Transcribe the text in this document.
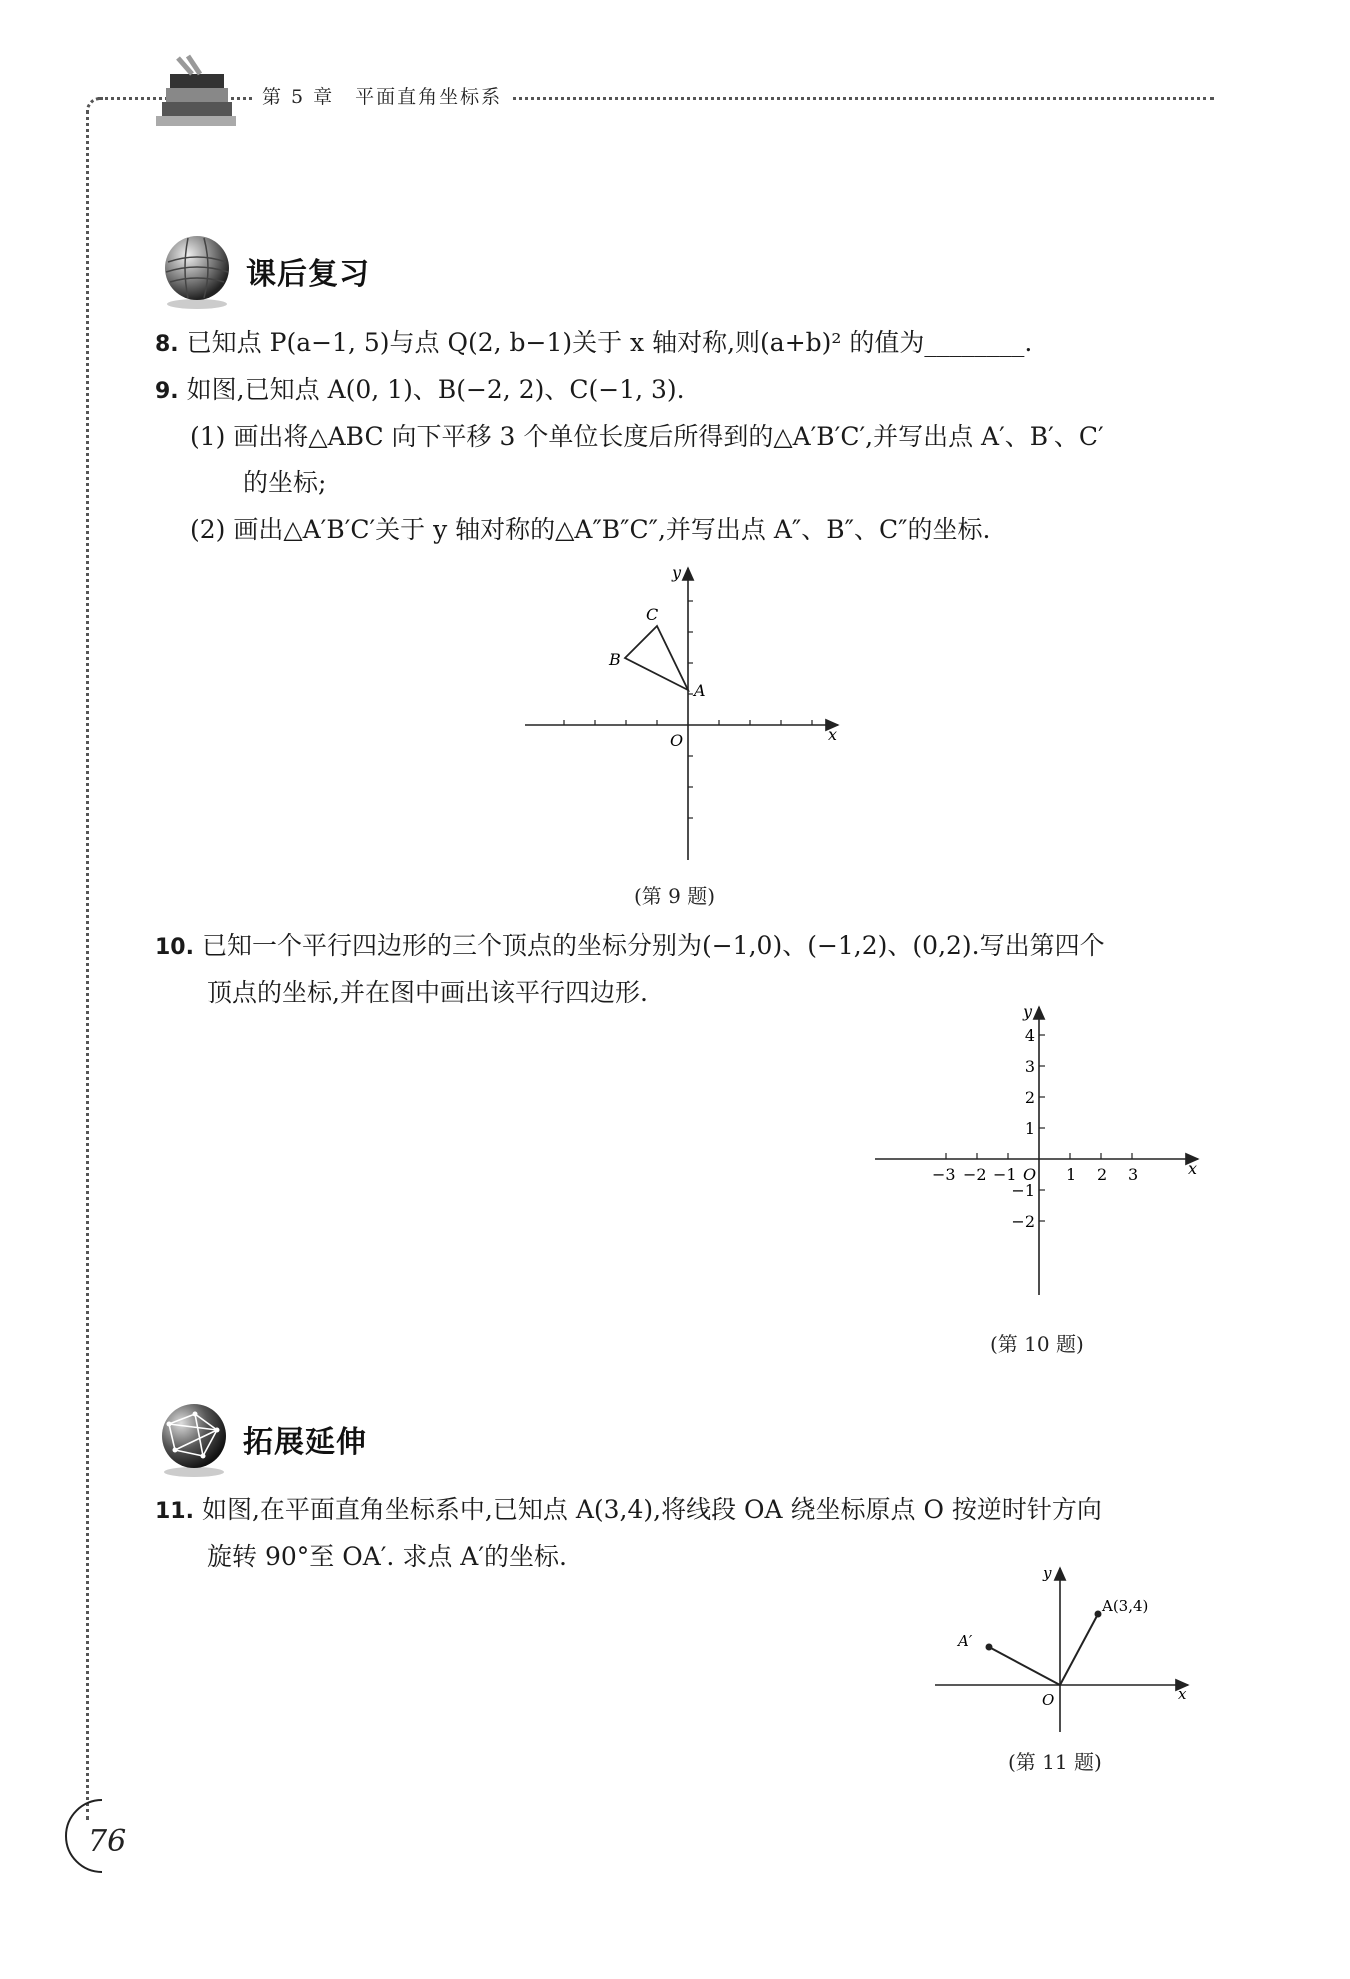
第 5 章　平面直角坐标系
课后复习
8. 已知点 P(a−1, 5)与点 Q(2, b−1)关于 x 轴对称,则(a+b)² 的值为________.
9. 如图,已知点 A(0, 1)、B(−2, 2)、C(−1, 3).
(1) 画出将△ABC 向下平移 3 个单位长度后所得到的△A′B′C′,并写出点 A′、B′、C′
的坐标;
(2) 画出△A′B′C′关于 y 轴对称的△A″B″C″,并写出点 A″、B″、C″的坐标.
A
B
C
O	x
y
(第 9 题)
10. 已知一个平行四边形的三个顶点的坐标分别为(−1,0)、(−1,2)、(0,2).写出第四个
顶点的坐标,并在图中画出该平行四边形.
−3 −2 −1	1 2 3
4
3
2
1
−1
−2
O	x
y
(第 10 题)
拓展延伸
11. 如图,在平面直角坐标系中,已知点 A(3,4),将线段 OA 绕坐标原点 O 按逆时针方向
旋转 90°至 OA′. 求点 A′的坐标.
A(3,4)
A′
O	x
y
(第 11 题)
76
